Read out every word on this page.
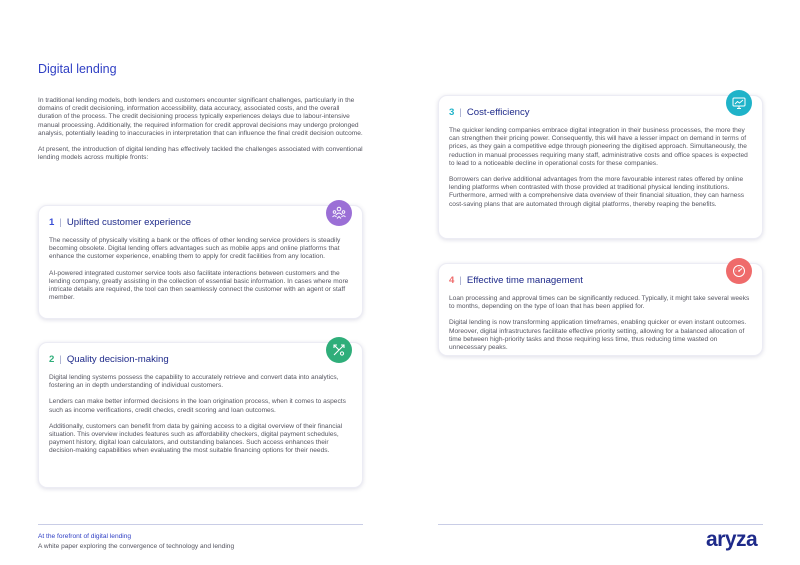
Digital lending

In traditional lending models, both lenders and customers encounter significant challenges, particularly in the domains of credit decisioning, information accessibility, data accuracy, associated costs, and the overall duration of the process. The credit decisioning process typically experiences delays due to labour-intensive manual processing. Additionally, the required information for credit approval decisions may undergo prolonged analysis, potentially leading to inaccuracies in interpretation that can influence the final credit decision outcome.

At present, the introduction of digital lending has effectively tackled the challenges associated with conventional lending models across multiple fronts:

1 | Uplifted customer experience

The necessity of physically visiting a bank or the offices of other lending service providers is steadily becoming obsolete. Digital lending offers advantages such as mobile apps and online platforms that enhance the customer experience, enabling them to apply for credit facilities from any location.

AI-powered integrated customer service tools also facilitate interactions between customers and the lending company, greatly assisting in the collection of essential basic information. In cases where more intricate details are required, the tool can then seamlessly connect the customer with an agent or staff member.

2 | Quality decision-making

Digital lending systems possess the capability to accurately retrieve and convert data into analytics, fostering an in depth understanding of individual customers.

Lenders can make better informed decisions in the loan origination process, when it comes to aspects such as income verifications, credit checks, credit scoring and loan outcomes.

Additionally, customers can benefit from data by gaining access to a digital overview of their financial situation. This overview includes features such as affordability checkers, digital payment schedules, payment history, digital loan calculators, and outstanding balances. Such access enhances their decision-making capabilities when evaluating the most suitable financing options for their needs.

3 | Cost-efficiency

The quicker lending companies embrace digital integration in their business processes, the more they can strengthen their pricing power. Consequently, this will have a lesser impact on demand in terms of prices, as they gain a competitive edge through pioneering the digitised approach. Simultaneously, the reduction in manual processes requiring many staff, administrative costs and office spaces is expected to lead to a noticeable decline in operational costs for these companies.

Borrowers can derive additional advantages from the more favourable interest rates offered by online lending platforms when contrasted with those provided at traditional physical lending institutions. Furthermore, armed with a comprehensive data overview of their financial situation, they can harness cost-saving plans that are automated through digital platforms, thereby reaping the benefits.

4 | Effective time management

Loan processing and approval times can be significantly reduced. Typically, it might take several weeks to months, depending on the type of loan that has been applied for.

Digital lending is now transforming application timeframes, enabling quicker or even instant outcomes. Moreover, digital infrastructures facilitate effective priority setting, allowing for a balanced allocation of time between high-priority tasks and those requiring less time, thus reducing time wasted on unnecessary peaks.

At the forefront of digital lending
A white paper exploring the convergence of technology and lending	aryza
